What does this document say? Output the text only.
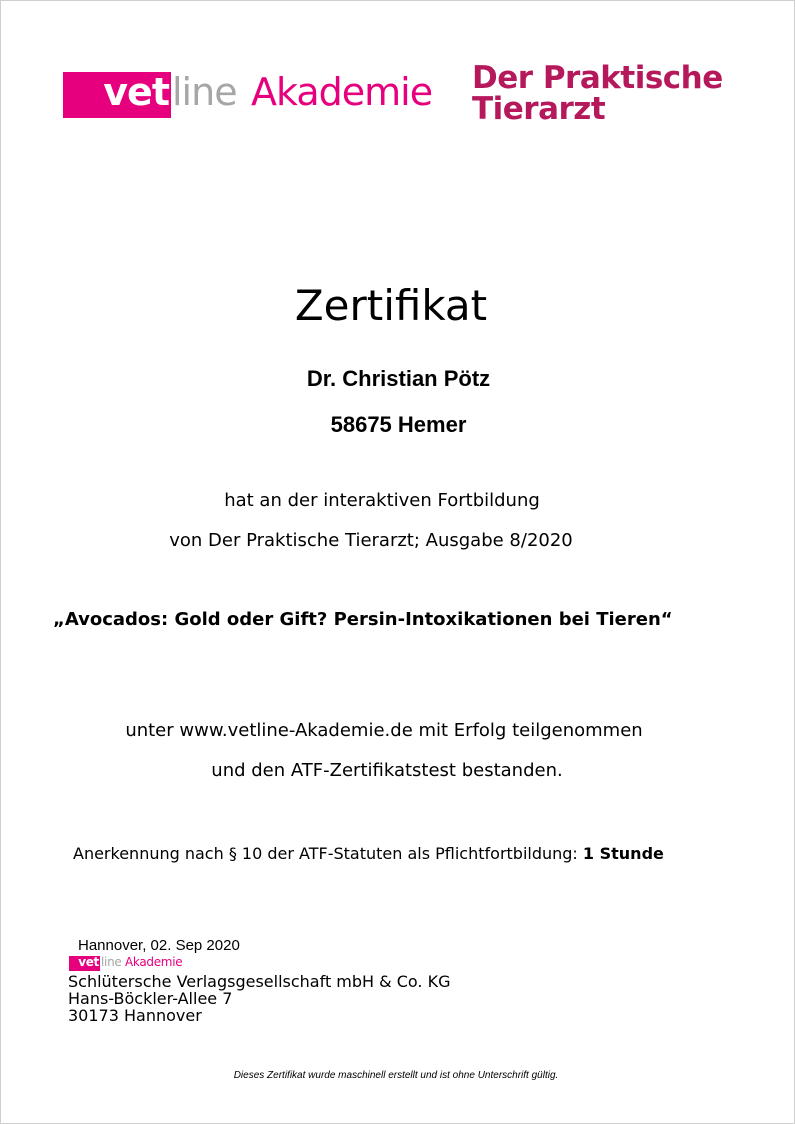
vet line Akademie Der Praktische
Tierarzt
Zertifikat
Dr. Christian Pötz
58675 Hemer
hat an der interaktiven Fortbildung
von Der Praktische Tierarzt; Ausgabe 8/2020
„Avocados: Gold oder Gift? Persin-Intoxikationen bei Tieren“
unter www.vetline-Akademie.de mit Erfolg teilgenommen
und den ATF-Zertifikatstest bestanden.
Anerkennung nach § 10 der ATF-Statuten als Pflichtfortbildung: 1 Stunde
Hannover, 02. Sep 2020
vet line Akademie
Schlütersche Verlagsgesellschaft mbH & Co. KG
Hans-Böckler-Allee 7
30173 Hannover
Dieses Zertifikat wurde maschinell erstellt und ist ohne Unterschrift gültig.
